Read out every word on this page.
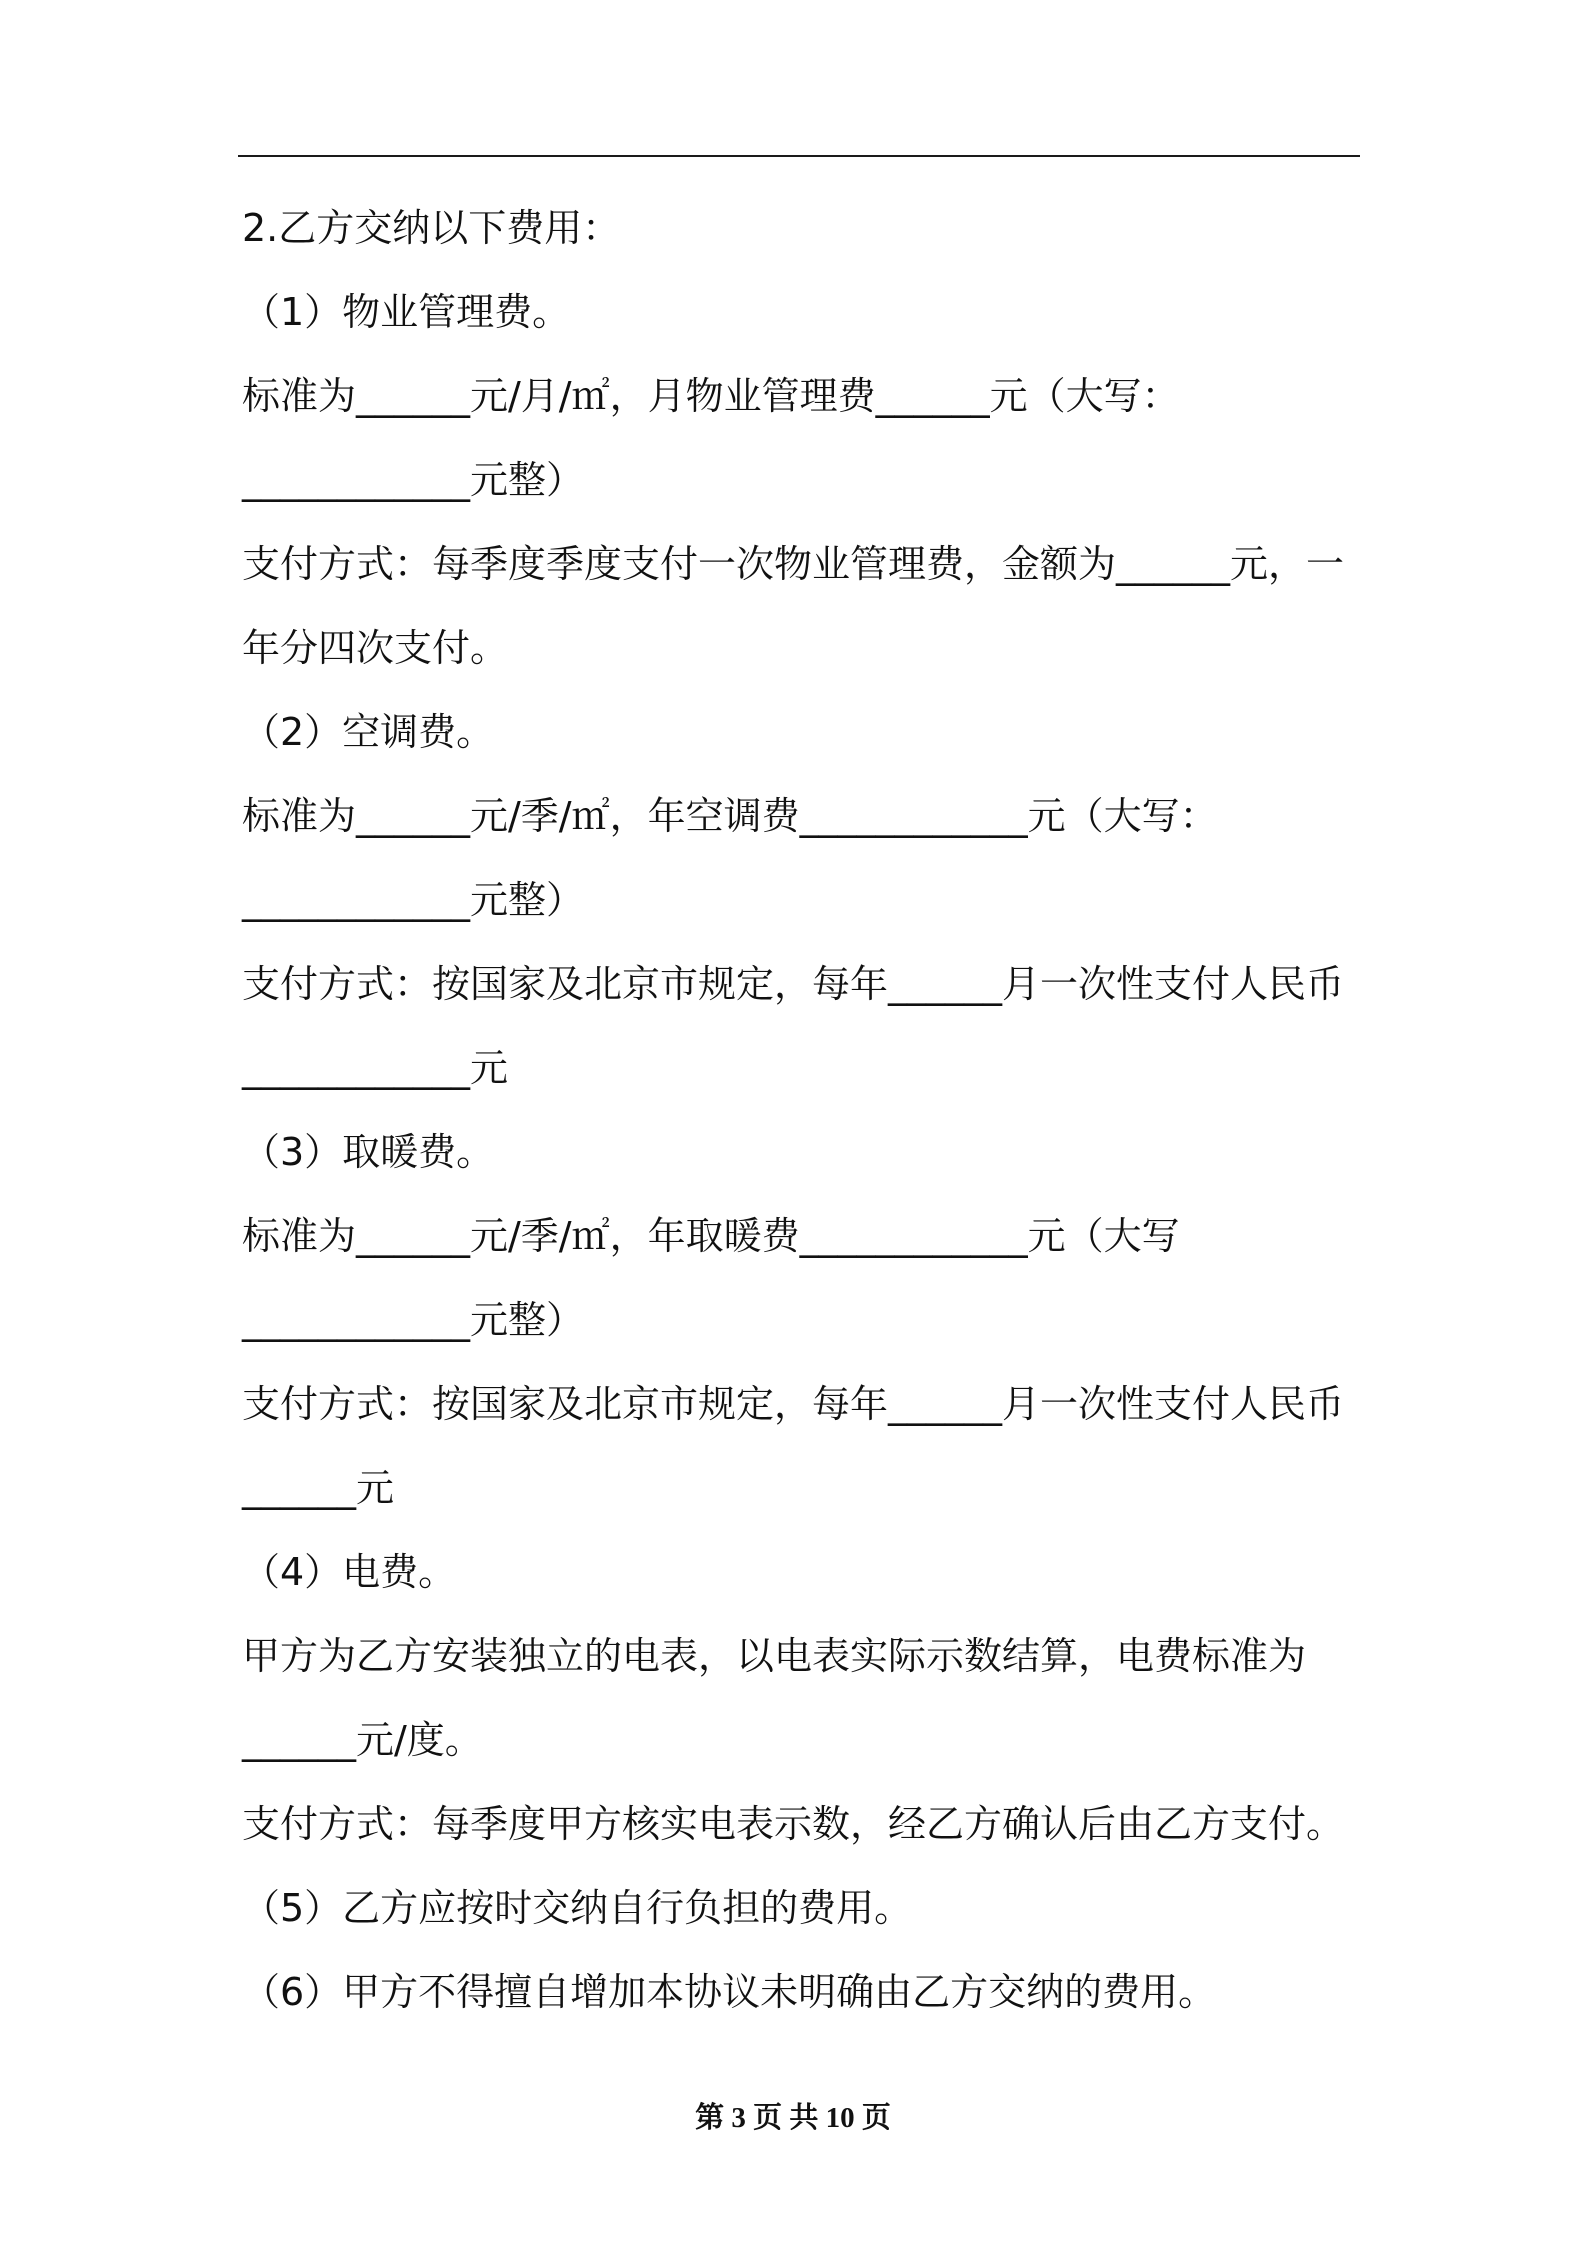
2.乙方交纳以下费用：
（1）物业管理费。
标准为______元/月/㎡，月物业管理费______元（大写：
____________元整）
支付方式：每季度季度支付一次物业管理费，金额为______元，一
年分四次支付。
（2）空调费。
标准为______元/季/㎡，年空调费____________元（大写：
____________元整）
支付方式：按国家及北京市规定，每年______月一次性支付人民币
____________元
（3）取暖费。
标准为______元/季/㎡，年取暖费____________元（大写
____________元整）
支付方式：按国家及北京市规定，每年______月一次性支付人民币
______元
（4）电费。
甲方为乙方安装独立的电表，以电表实际示数结算，电费标准为
______元/度。
支付方式：每季度甲方核实电表示数，经乙方确认后由乙方支付。
（5）乙方应按时交纳自行负担的费用。
（6）甲方不得擅自增加本协议未明确由乙方交纳的费用。
第 3 页 共 10 页
